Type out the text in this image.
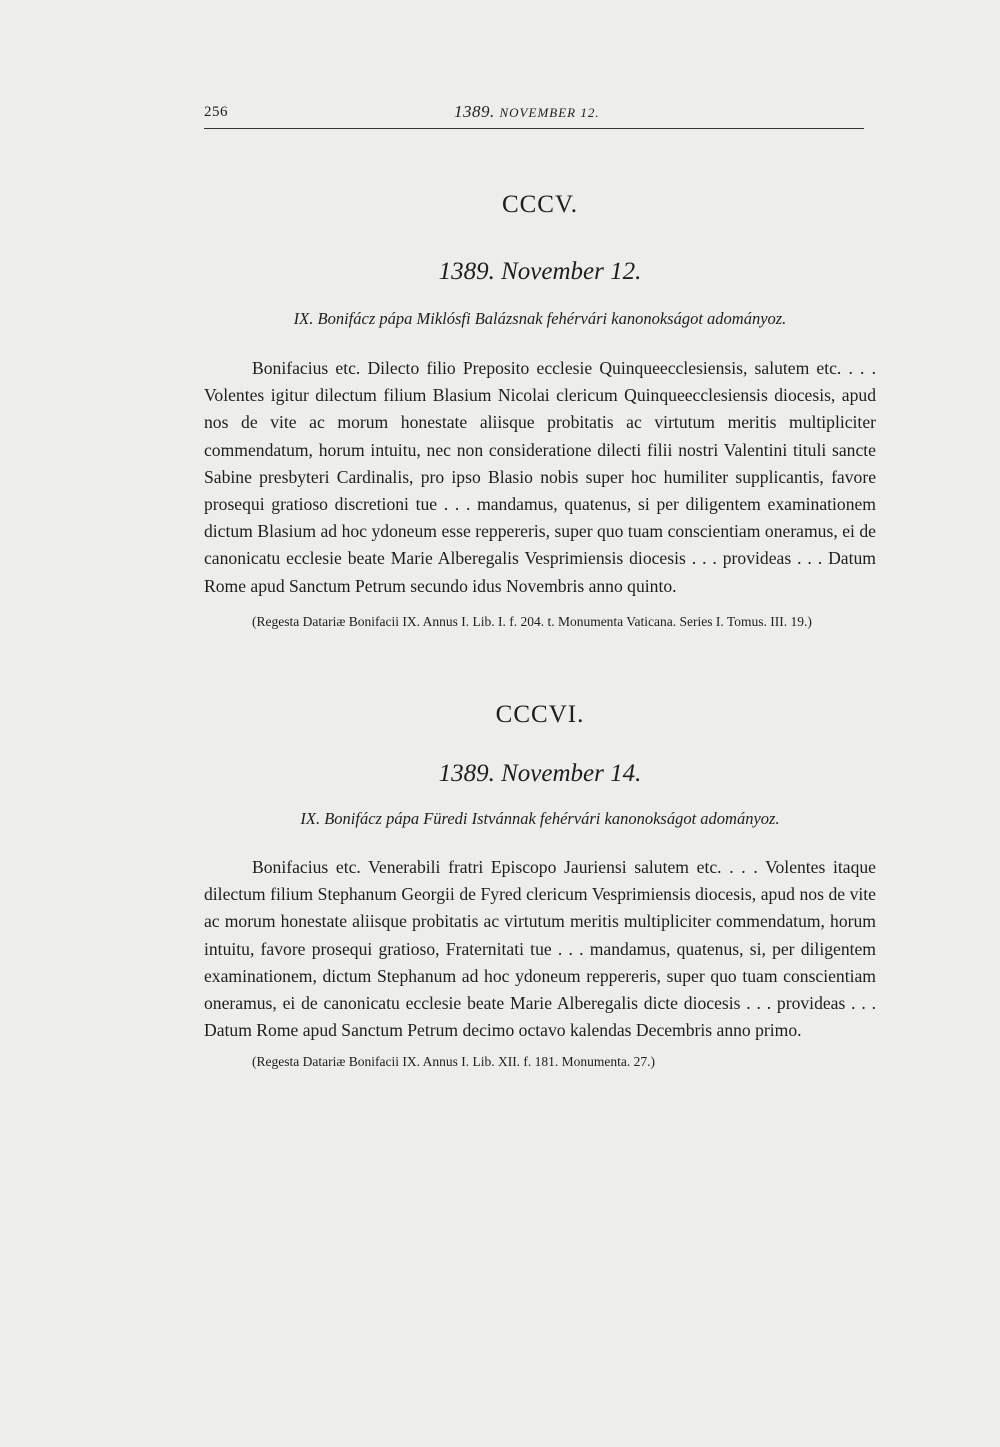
256	1389. NOVEMBER 12.
CCCV.
1389. November 12.
IX. Bonifácz pápa Miklósfi Balázsnak fehérvári kanonokságot adományoz.
Bonifacius etc. Dilecto filio Preposito ecclesie Quinqueecclesiensis, salutem etc. . . . Volentes igitur dilectum filium Blasium Nicolai clericum Quinqueecclesiensis diocesis, apud nos de vite ac morum honestate aliisque probitatis ac virtutum meritis multipliciter commendatum, horum intuitu, nec non consideratione dilecti filii nostri Valentini tituli sancte Sabine presbyteri Cardinalis, pro ipso Blasio nobis super hoc humiliter supplicantis, favore prosequi gratioso discretioni tue . . . mandamus, quatenus, si per diligentem examinationem dictum Blasium ad hoc ydoneum esse reppereris, super quo tuam conscientiam oneramus, ei de canonicatu ecclesie beate Marie Alberegalis Vesprimiensis diocesis . . . provideas . . . Datum Rome apud Sanctum Petrum secundo idus Novembris anno quinto.
(Regesta Datariæ Bonifacii IX. Annus I. Lib. I. f. 204. t. Monumenta Vaticana. Series I. Tomus. III. 19.)
CCCVI.
1389. November 14.
IX. Bonifácz pápa Füredi Istvánnak fehérvári kanonokságot adományoz.
Bonifacius etc. Venerabili fratri Episcopo Jauriensi salutem etc. . . . Volentes itaque dilectum filium Stephanum Georgii de Fyred clericum Vesprimiensis diocesis, apud nos de vite ac morum honestate aliisque probitatis ac virtutum meritis multipliciter commendatum, horum intuitu, favore prosequi gratioso, Fraternitati tue . . . mandamus, quatenus, si, per diligentem examinationem, dictum Stephanum ad hoc ydoneum reppereris, super quo tuam conscientiam oneramus, ei de canonicatu ecclesie beate Marie Alberegalis dicte diocesis . . . provideas . . . Datum Rome apud Sanctum Petrum decimo octavo kalendas Decembris anno primo.
(Regesta Datariæ Bonifacii IX. Annus I. Lib. XII. f. 181. Monumenta. 27.)
